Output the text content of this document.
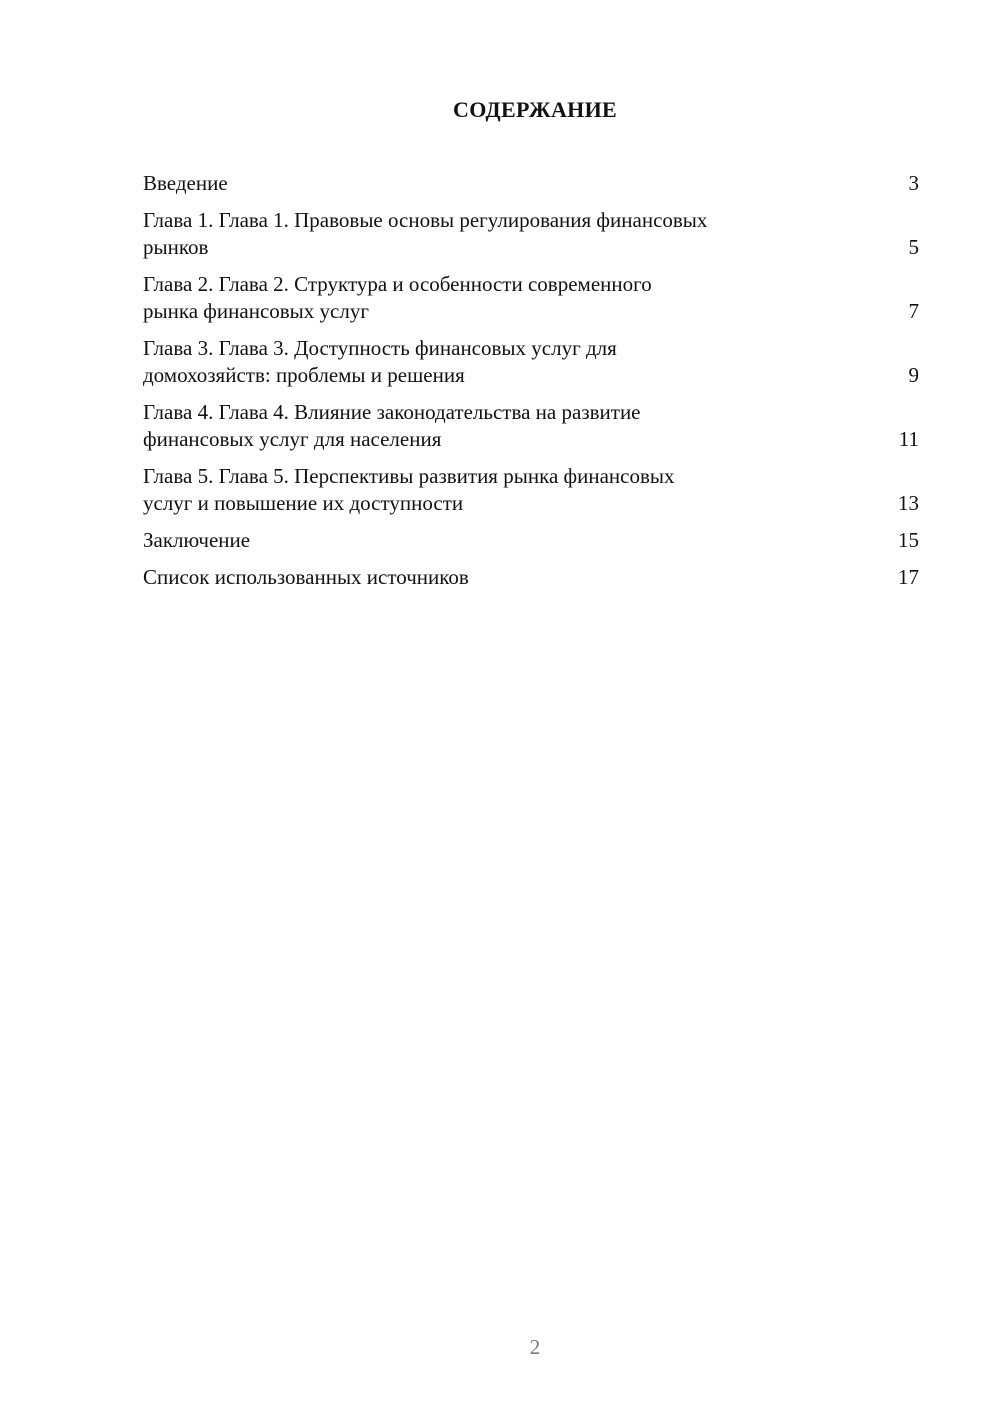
СОДЕРЖАНИЕ
Введение	3
Глава 1. Глава 1. Правовые основы регулирования финансовых
рынков	5
Глава 2. Глава 2. Структура и особенности современного
рынка финансовых услуг	7
Глава 3. Глава 3. Доступность финансовых услуг для
домохозяйств: проблемы и решения	9
Глава 4. Глава 4. Влияние законодательства на развитие
финансовых услуг для населения	11
Глава 5. Глава 5. Перспективы развития рынка финансовых
услуг и повышение их доступности	13
Заключение	15
Список использованных источников	17
2
